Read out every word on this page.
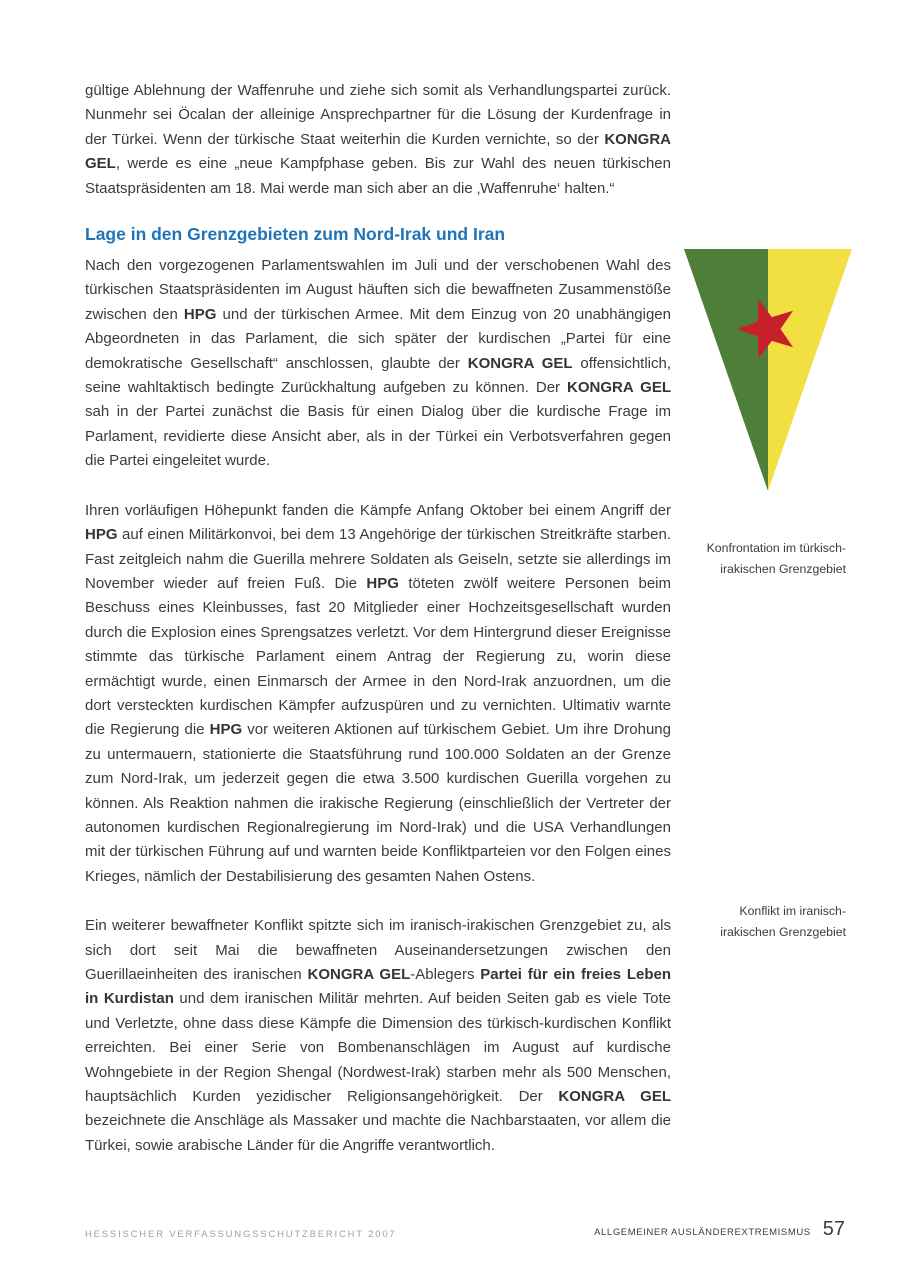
gültige Ablehnung der Waffenruhe und ziehe sich somit als Verhandlungspartei zurück. Nunmehr sei Öcalan der alleinige Ansprechpartner für die Lösung der Kurdenfrage in der Türkei. Wenn der türkische Staat weiterhin die Kurden vernichte, so der KONGRA GEL, werde es eine „neue Kampfphase geben. Bis zur Wahl des neuen türkischen Staatspräsidenten am 18. Mai werde man sich aber an die ‚Waffenruhe‘ halten.“

Lage in den Grenzgebieten zum Nord-Irak und Iran

Nach den vorgezogenen Parlamentswahlen im Juli und der verschobenen Wahl des türkischen Staatspräsidenten im August häuften sich die bewaffneten Zusammenstöße zwischen den HPG und der türkischen Armee. Mit dem Einzug von 20 unabhängigen Abgeordneten in das Parlament, die sich später der kurdischen „Partei für eine demokratische Gesellschaft“ anschlossen, glaubte der KONGRA GEL offensichtlich, seine wahltaktisch bedingte Zurückhaltung aufgeben zu können. Der KONGRA GEL sah in der Partei zunächst die Basis für einen Dialog über die kurdische Frage im Parlament, revidierte diese Ansicht aber, als in der Türkei ein Verbotsverfahren gegen die Partei eingeleitet wurde.

Ihren vorläufigen Höhepunkt fanden die Kämpfe Anfang Oktober bei einem Angriff der HPG auf einen Militärkonvoi, bei dem 13 Angehörige der türkischen Streitkräfte starben. Fast zeitgleich nahm die Guerilla mehrere Soldaten als Geiseln, setzte sie allerdings im November wieder auf freien Fuß. Die HPG töteten zwölf weitere Personen beim Beschuss eines Kleinbusses, fast 20 Mitglieder einer Hochzeitsgesellschaft wurden durch die Explosion eines Sprengsatzes verletzt. Vor dem Hintergrund dieser Ereignisse stimmte das türkische Parlament einem Antrag der Regierung zu, worin diese ermächtigt wurde, einen Einmarsch der Armee in den Nord-Irak anzuordnen, um die dort versteckten kurdischen Kämpfer aufzuspüren und zu vernichten. Ultimativ warnte die Regierung die HPG vor weiteren Aktionen auf türkischem Gebiet. Um ihre Drohung zu untermauern, stationierte die Staatsführung rund 100.000 Soldaten an der Grenze zum Nord-Irak, um jederzeit gegen die etwa 3.500 kurdischen Guerilla vorgehen zu können. Als Reaktion nahmen die irakische Regierung (einschließlich der Vertreter der autonomen kurdischen Regionalregierung im Nord-Irak) und die USA Verhandlungen mit der türkischen Führung auf und warnten beide Konfliktparteien vor den Folgen eines Krieges, nämlich der Destabilisierung des gesamten Nahen Ostens.

Ein weiterer bewaffneter Konflikt spitzte sich im iranisch-irakischen Grenzgebiet zu, als sich dort seit Mai die bewaffneten Auseinandersetzungen zwischen den Guerillaeinheiten des iranischen KONGRA GEL-Ablegers Partei für ein freies Leben in Kurdistan und dem iranischen Militär mehrten. Auf beiden Seiten gab es viele Tote und Verletzte, ohne dass diese Kämpfe die Dimension des türkisch-kurdischen Konflikt erreichten. Bei einer Serie von Bombenanschlägen im August auf kurdische Wohngebiete in der Region Shengal (Nordwest-Irak) starben mehr als 500 Menschen, hauptsächlich Kurden yezidischer Religionsangehörigkeit. Der KONGRA GEL bezeichnete die Anschläge als Massaker und machte die Nachbarstaaten, vor allem die Türkei, sowie arabische Länder für die Angriffe verantwortlich.

Konfrontation im türkisch-
irakischen Grenzgebiet
Konflikt im iranisch-
irakischen Grenzgebiet
HESSISCHER VERFASSUNGSSCHUTZBERICHT 2007	ALLGEMEINER AUSLÄNDEREXTREMISMUS 57
